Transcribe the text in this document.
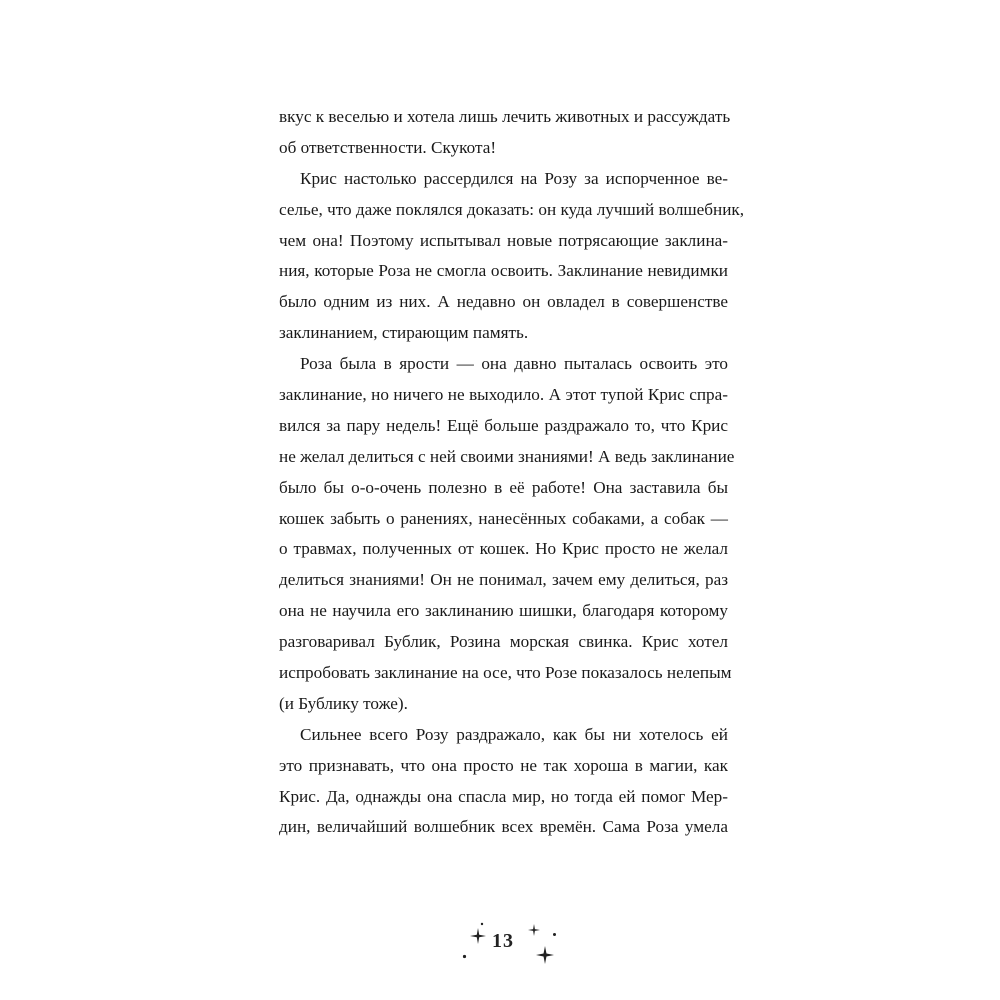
вкус к веселью и хотела лишь лечить животных и рассуждать
об ответственности. Скукота!
Крис настолько рассердился на Розу за испорченное ве-
селье, что даже поклялся доказать: он куда лучший волшебник,
чем она! Поэтому испытывал новые потрясающие заклина-
ния, которые Роза не смогла освоить. Заклинание невидимки
было одним из них. А недавно он овладел в совершенстве
заклинанием, стирающим память.
Роза была в ярости — она давно пыталась освоить это
заклинание, но ничего не выходило. А этот тупой Крис спра-
вился за пару недель! Ещё больше раздражало то, что Крис
не желал делиться с ней своими знаниями! А ведь заклинание
было бы о-о-очень полезно в её работе! Она заставила бы
кошек забыть о ранениях, нанесённых собаками, а собак —
о травмах, полученных от кошек. Но Крис просто не желал
делиться знаниями! Он не понимал, зачем ему делиться, раз
она не научила его заклинанию шишки, благодаря которому
разговаривал Бублик, Розина морская свинка. Крис хотел
испробовать заклинание на осе, что Розе показалось нелепым
(и Бублику тоже).
Сильнее всего Розу раздражало, как бы ни хотелось ей
это признавать, что она просто не так хороша в магии, как
Крис. Да, однажды она спасла мир, но тогда ей помог Мер-
дин, величайший волшебник всех времён. Сама Роза умела
13
